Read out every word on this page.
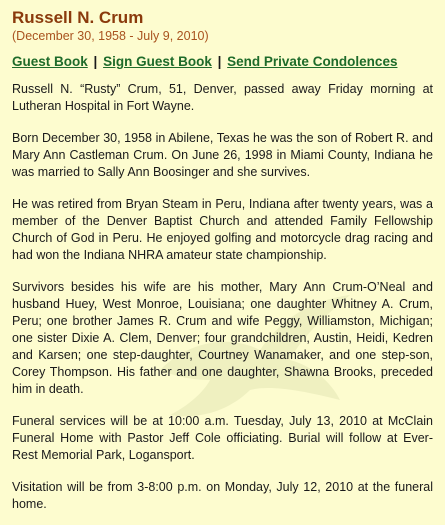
Russell N. Crum

(December 30, 1958 - July 9, 2010)

Guest Book | Sign Guest Book | Send Private Condolences

Russell N. “Rusty” Crum, 51, Denver, passed away Friday morning at Lutheran Hospital in Fort Wayne.

Born December 30, 1958 in Abilene, Texas he was the son of Robert R. and Mary Ann Castleman Crum. On June 26, 1998 in Miami County, Indiana he was married to Sally Ann Boosinger and she survives.

He was retired from Bryan Steam in Peru, Indiana after twenty years, was a member of the Denver Baptist Church and attended Family Fellowship Church of God in Peru. He enjoyed golfing and motorcycle drag racing and had won the Indiana NHRA amateur state championship.

Survivors besides his wife are his mother, Mary Ann Crum-O’Neal and husband Huey, West Monroe, Louisiana; one daughter Whitney A. Crum, Peru; one brother James R. Crum and wife Peggy, Williamston, Michigan; one sister Dixie A. Clem, Denver; four grandchildren, Austin, Heidi, Kedren and Karsen; one step-daughter, Courtney Wanamaker, and one step-son, Corey Thompson. His father and one daughter, Shawna Brooks, preceded him in death.

Funeral services will be at 10:00 a.m. Tuesday, July 13, 2010 at McClain Funeral Home with Pastor Jeff Cole officiating. Burial will follow at Ever-Rest Memorial Park, Logansport.

Visitation will be from 3-8:00 p.m. on Monday, July 12, 2010 at the funeral home.
